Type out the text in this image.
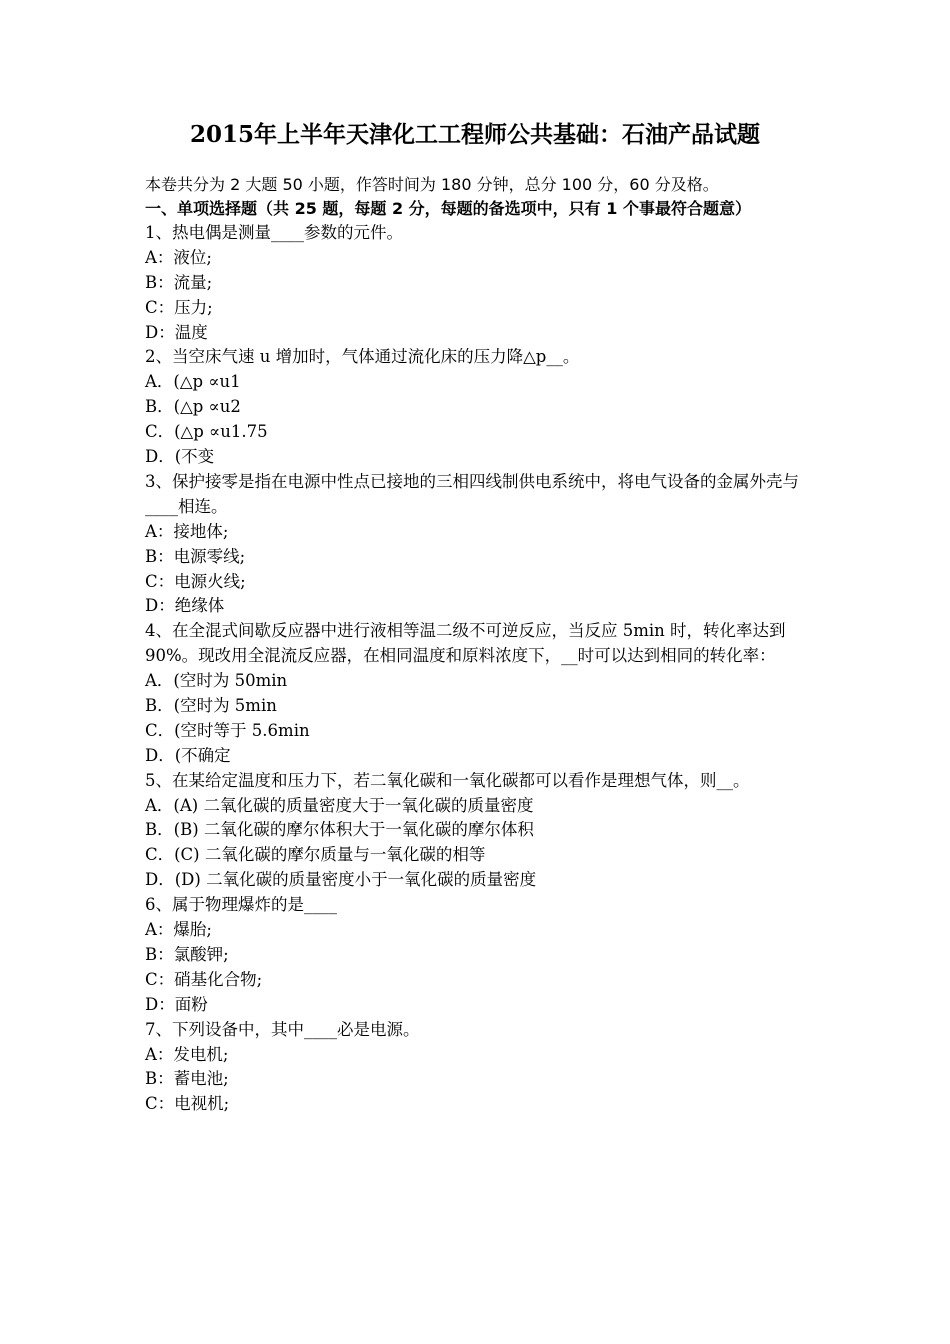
2015年上半年天津化工工程师公共基础：石油产品试题
本卷共分为 2 大题 50 小题，作答时间为 180 分钟，总分 100 分，60 分及格。
一、单项选择题（共 25 题，每题 2 分，每题的备选项中，只有 1 个事最符合题意）
1、热电偶是测量____参数的元件。
A：液位;
B：流量;
C：压力;
D：温度
2、当空床气速 u 增加时，气体通过流化床的压力降△p__。
A．(△p ∝u1
B．(△p ∝u2
C．(△p ∝u1.75
D．(不变
3、保护接零是指在电源中性点已接地的三相四线制供电系统中，将电气设备的金属外壳与____相连。
A：接地体;
B：电源零线;
C：电源火线;
D：绝缘体
4、在全混式间歇反应器中进行液相等温二级不可逆反应，当反应 5min 时，转化率达到 90%。现改用全混流反应器，在相同温度和原料浓度下，__时可以达到相同的转化率：
A．(空时为 50min
B．(空时为 5min
C．(空时等于 5.6min
D．(不确定
5、在某给定温度和压力下，若二氧化碳和一氧化碳都可以看作是理想气体，则__。
A．(A) 二氧化碳的质量密度大于一氧化碳的质量密度
B．(B) 二氧化碳的摩尔体积大于一氧化碳的摩尔体积
C．(C) 二氧化碳的摩尔质量与一氧化碳的相等
D．(D) 二氧化碳的质量密度小于一氧化碳的质量密度
6、属于物理爆炸的是____
A：爆胎;
B：氯酸钾;
C：硝基化合物;
D：面粉
7、下列设备中，其中____必是电源。
A：发电机;
B：蓄电池;
C：电视机;
